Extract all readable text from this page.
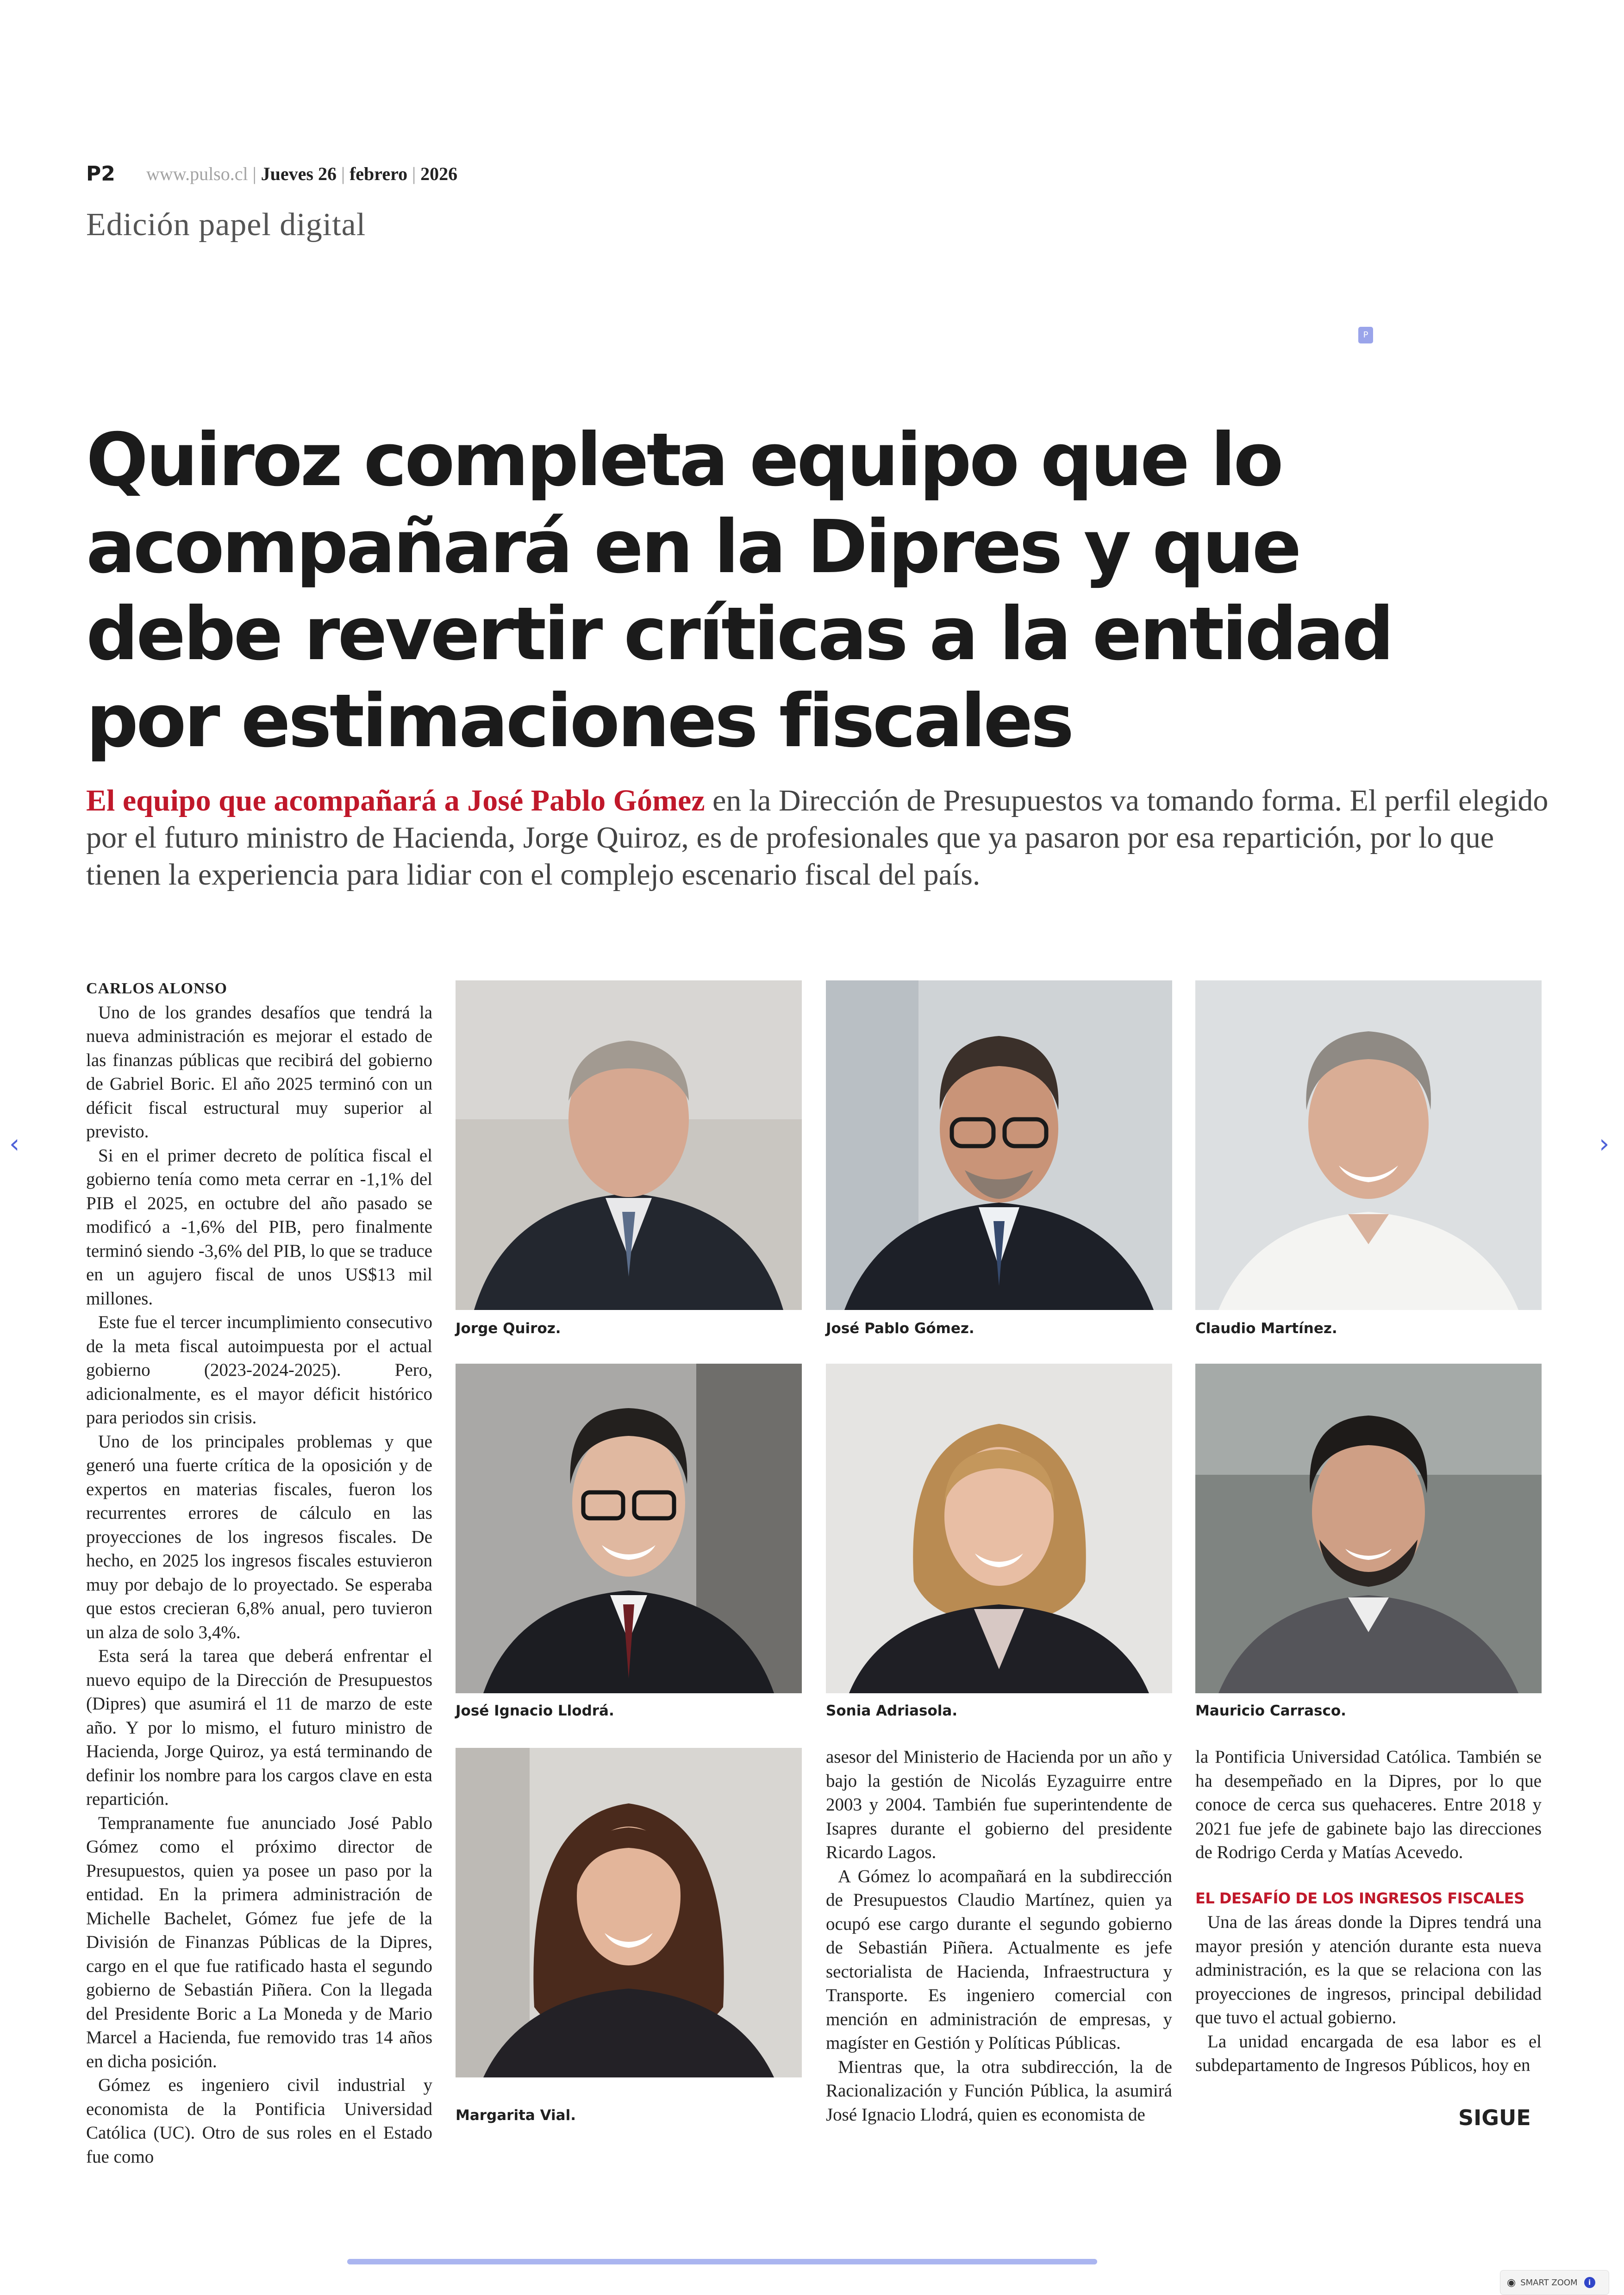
P2 www.pulso.cl | Jueves 26 | febrero | 2026
Edición papel digital
P
Quiroz completa equipo que lo acompañará en la Dipres y que debe revertir críticas a la entidad por estimaciones fiscales

El equipo que acompañará a José Pablo Gómez en la Dirección de Presupuestos va tomando forma. El perfil elegido por el futuro ministro de Hacienda, Jorge Quiroz, es de profesionales que ya pasaron por esa repartición, por lo que tienen la experiencia para lidiar con el complejo escenario fiscal del país.

CARLOS ALONSO

Uno de los grandes desafíos que tendrá la nueva administración es mejorar el estado de las finanzas públicas que recibirá del gobierno de Gabriel Boric. El año 2025 terminó con un déficit fiscal estructural muy superior al previsto.

Si en el primer decreto de política fiscal el gobierno tenía como meta cerrar en -1,1% del PIB el 2025, en octubre del año pasado se modificó a -1,6% del PIB, pero finalmente terminó siendo -3,6% del PIB, lo que se traduce en un agujero fiscal de unos US$13 mil millones.

Este fue el tercer incumplimiento consecutivo de la meta fiscal autoimpuesta por el actual gobierno (2023-2024-2025). Pero, adicionalmente, es el mayor déficit histórico para periodos sin crisis.

Uno de los principales problemas y que generó una fuerte crítica de la oposición y de expertos en materias fiscales, fueron los recurrentes errores de cálculo en las proyecciones de los ingresos fiscales. De hecho, en 2025 los ingresos fiscales estuvieron muy por debajo de lo proyectado. Se esperaba que estos crecieran 6,8% anual, pero tuvieron un alza de solo 3,4%.

Esta será la tarea que deberá enfrentar el nuevo equipo de la Dirección de Presupuestos (Dipres) que asumirá el 11 de marzo de este año. Y por lo mismo, el futuro ministro de Hacienda, Jorge Quiroz, ya está terminando de definir los nombre para los cargos clave en esta repartición.

Tempranamente fue anunciado José Pablo Gómez como el próximo director de Presupuestos, quien ya posee un paso por la entidad. En la primera administración de Michelle Bachelet, Gómez fue jefe de la División de Finanzas Públicas de la Dipres, cargo en el que fue ratificado hasta el segundo gobierno de Sebastián Piñera. Con la llegada del Presidente Boric a La Moneda y de Mario Marcel a Hacienda, fue removido tras 14 años en dicha posición.

Gómez es ingeniero civil industrial y economista de la Pontificia Universidad Católica (UC). Otro de sus roles en el Estado fue como

asesor del Ministerio de Hacienda por un año y bajo la gestión de Nicolás Eyzaguirre entre 2003 y 2004. También fue superintendente de Isapres durante el gobierno del presidente Ricardo Lagos.

A Gómez lo acompañará en la subdirección de Presupuestos Claudio Martínez, quien ya ocupó ese cargo durante el segundo gobierno de Sebastián Piñera. Actualmente es jefe sectorialista de Hacienda, Infraestructura y Transporte. Es ingeniero comercial con mención en administración de empresas, y magíster en Gestión y Políticas Públicas.

Mientras que, la otra subdirección, la de Racionalización y Función Pública, la asumirá José Ignacio Llodrá, quien es economista de

la Pontificia Universidad Católica. También se ha desempeñado en la Dipres, por lo que conoce de cerca sus quehaceres. Entre 2018 y 2021 fue jefe de gabinete bajo las direcciones de Rodrigo Cerda y Matías Acevedo.

EL DESAFÍO DE LOS INGRESOS FISCALES

Una de las áreas donde la Dipres tendrá una mayor presión y atención durante esta nueva administración, es la que se relaciona con las proyecciones de ingresos, principal debilidad que tuvo el actual gobierno.

La unidad encargada de esa labor es el subdepartamento de Ingresos Públicos, hoy en

SIGUE
Jorge Quiroz.	José Pablo Gómez.	Claudio Martínez.
José Ignacio Llodrá.	Sonia Adriasola.	Mauricio Carrasco.
Margarita Vial.
‹	›
◉ SMART ZOOM	i
